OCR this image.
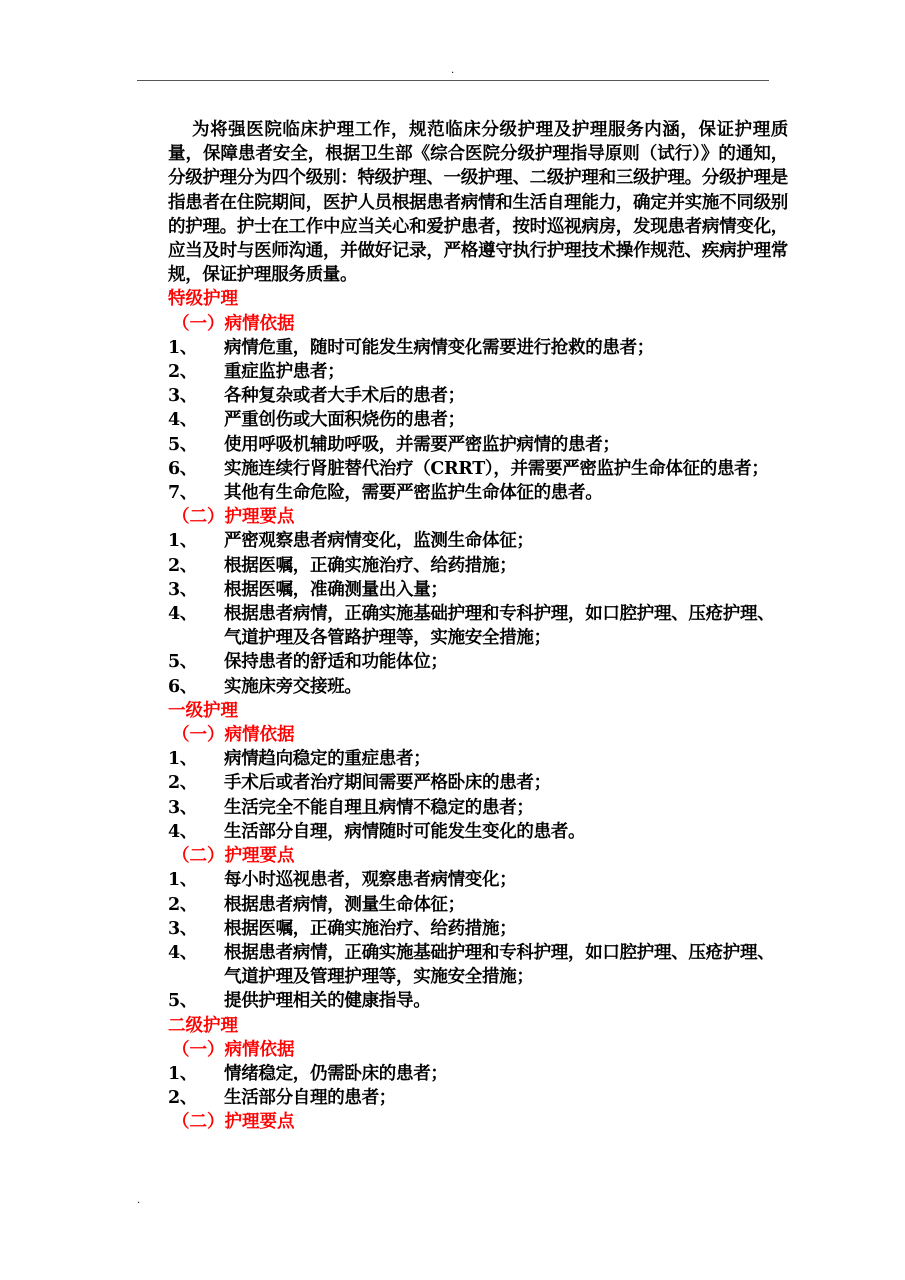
.

为将强医院临床护理工作，规范临床分级护理及护理服务内涵，保证护理质量，保障患者安全，根据卫生部《综合医院分级护理指导原则（试行）》的通知，分级护理分为四个级别：特级护理、一级护理、二级护理和三级护理。分级护理是指患者在住院期间，医护人员根据患者病情和生活自理能力，确定并实施不同级别的护理。护士在工作中应当关心和爱护患者，按时巡视病房，发现患者病情变化，应当及时与医师沟通，并做好记录，严格遵守执行护理技术操作规范、疾病护理常规，保证护理服务质量。

特级护理
（一）病情依据
1、 病情危重，随时可能发生病情变化需要进行抢救的患者；
2、 重症监护患者；
3、 各种复杂或者大手术后的患者；
4、 严重创伤或大面积烧伤的患者；
5、 使用呼吸机辅助呼吸，并需要严密监护病情的患者；
6、 实施连续行肾脏替代治疗（CRRT），并需要严密监护生命体征的患者；
7、 其他有生命危险，需要严密监护生命体征的患者。
（二）护理要点
1、 严密观察患者病情变化，监测生命体征；
2、 根据医嘱，正确实施治疗、给药措施；
3、 根据医嘱，准确测量出入量；
4、 根据患者病情，正确实施基础护理和专科护理，如口腔护理、压疮护理、气道护理及各管路护理等，实施安全措施；
5、 保持患者的舒适和功能体位；
6、 实施床旁交接班。
一级护理
（一）病情依据
1、 病情趋向稳定的重症患者；
2、 手术后或者治疗期间需要严格卧床的患者；
3、 生活完全不能自理且病情不稳定的患者；
4、 生活部分自理，病情随时可能发生变化的患者。
（二）护理要点
1、 每小时巡视患者，观察患者病情变化；
2、 根据患者病情，测量生命体征；
3、 根据医嘱，正确实施治疗、给药措施；
4、 根据患者病情，正确实施基础护理和专科护理，如口腔护理、压疮护理、气道护理及管理护理等，实施安全措施；
5、 提供护理相关的健康指导。
二级护理
（一）病情依据
1、 情绪稳定，仍需卧床的患者；
2、 生活部分自理的患者；
（二）护理要点
.
